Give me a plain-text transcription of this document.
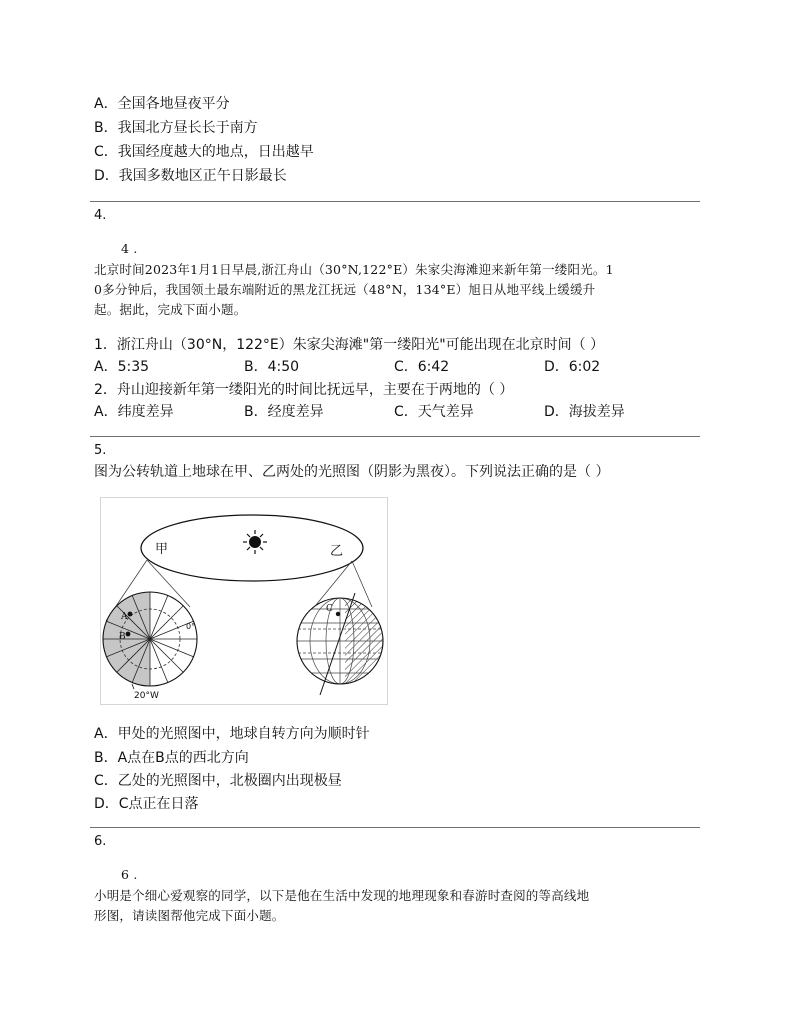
A．全国各地昼夜平分
B．我国北方昼长长于南方
C．我国经度越大的地点，日出越早
D．我国多数地区正午日影最长
4.
4 .
北京时间2023年1月1日早晨,浙江舟山（30°N,122°E）朱家尖海滩迎来新年第一缕阳光。1
0多分钟后，我国领土最东端附近的黑龙江抚远（48°N，134°E）旭日从地平线上缓缓升
起。据此，完成下面小题。
1．浙江舟山（30°N，122°E）朱家尖海滩"第一缕阳光"可能出现在北京时间（ ）
A．5:35	B．4:50	C．6:42	D．6:02
2．舟山迎接新年第一缕阳光的时间比抚远早，主要在于两地的（ ）
A．纬度差异	B．经度差异	C．天气差异	D．海拔差异
5.
图为公转轨道上地球在甲、乙两处的光照图（阴影为黑夜）。下列说法正确的是（ ）
甲	乙
A
B
0°
20°W
C
A．甲处的光照图中，地球自转方向为顺时针
B．A点在B点的西北方向
C．乙处的光照图中，北极圈内出现极昼
D．C点正在日落
6.
6 .
小明是个细心爱观察的同学，以下是他在生活中发现的地理现象和春游时查阅的等高线地
形图，请读图帮他完成下面小题。
